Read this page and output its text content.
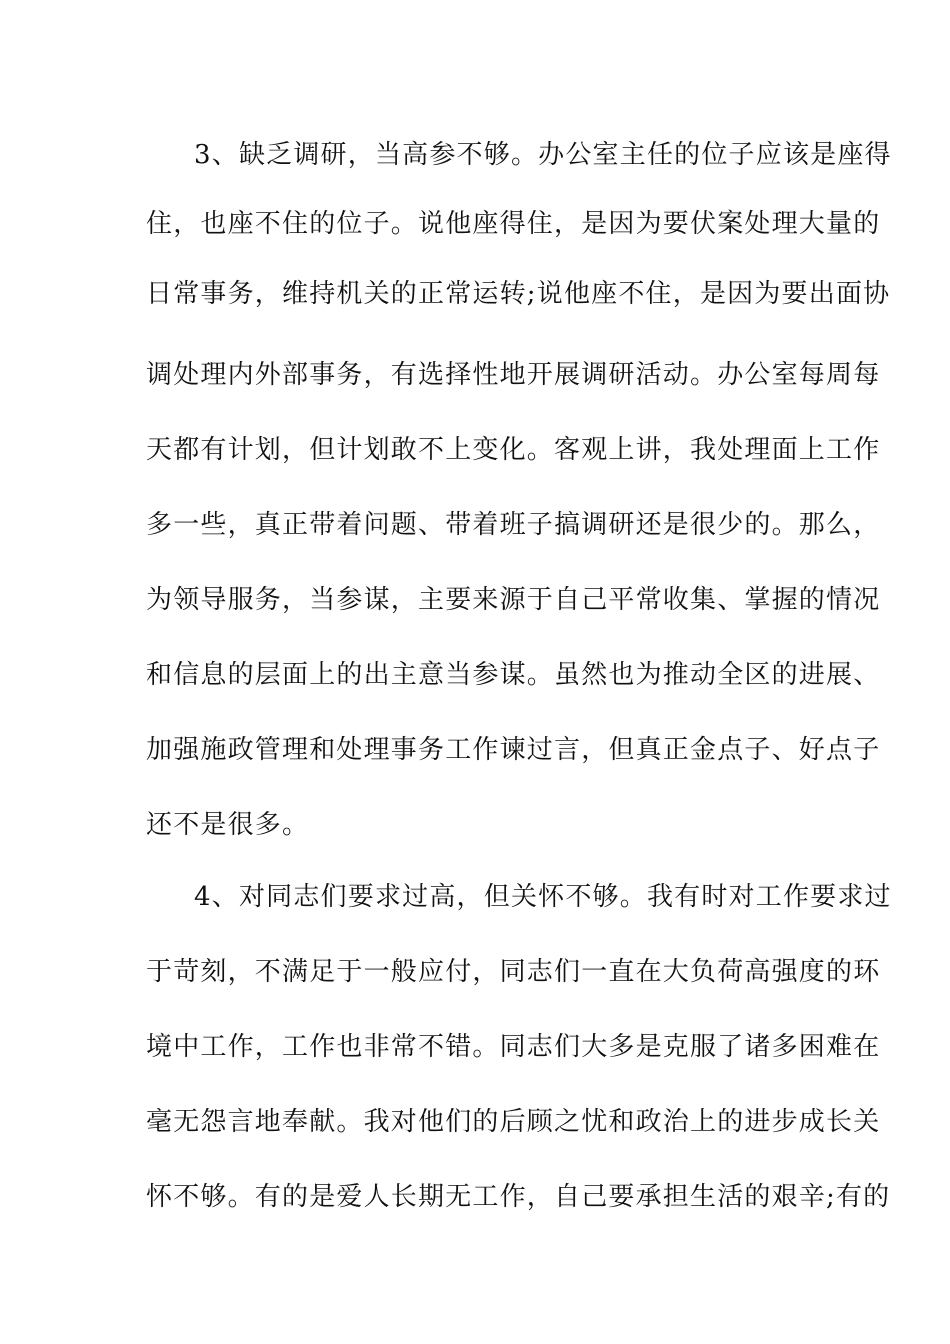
3、缺乏调研，当高参不够。办公室主任的位子应该是座得
住，也座不住的位子。说他座得住，是因为要伏案处理大量的
日常事务，维持机关的正常运转;说他座不住，是因为要出面协
调处理内外部事务，有选择性地开展调研活动。办公室每周每
天都有计划，但计划敢不上变化。客观上讲，我处理面上工作
多一些，真正带着问题、带着班子搞调研还是很少的。那么，
为领导服务，当参谋，主要来源于自己平常收集、掌握的情况
和信息的层面上的出主意当参谋。虽然也为推动全区的进展、
加强施政管理和处理事务工作谏过言，但真正金点子、好点子
还不是很多。
4、对同志们要求过高，但关怀不够。我有时对工作要求过
于苛刻，不满足于一般应付，同志们一直在大负荷高强度的环
境中工作，工作也非常不错。同志们大多是克服了诸多困难在
毫无怨言地奉献。我对他们的后顾之忧和政治上的进步成长关
怀不够。有的是爱人长期无工作，自己要承担生活的艰辛;有的
